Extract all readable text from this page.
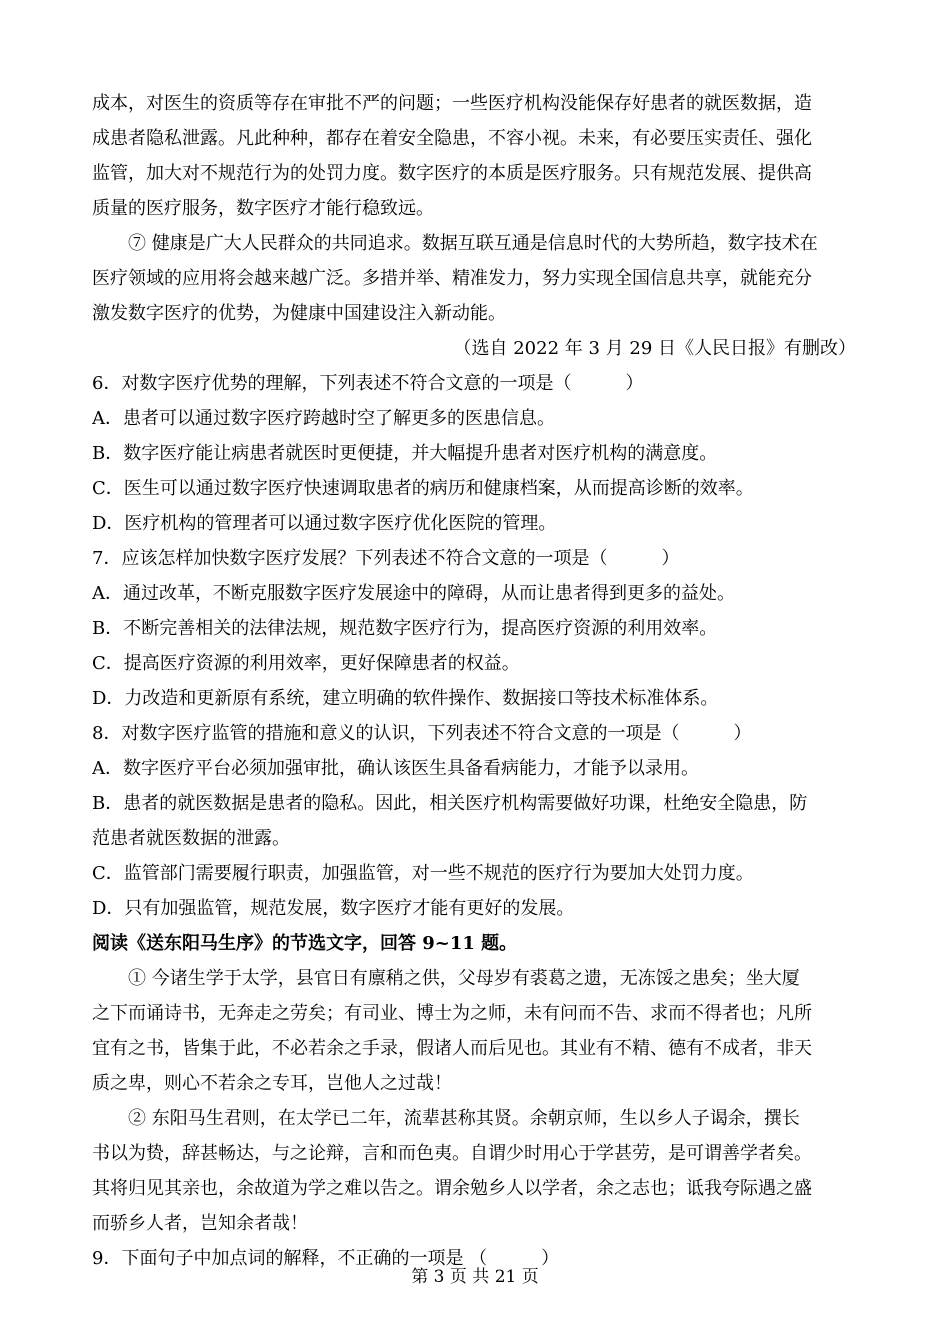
成本，对医生的资质等存在审批不严的问题；一些医疗机构没能保存好患者的就医数据，造
成患者隐私泄露。凡此种种，都存在着安全隐患，不容小视。未来，有必要压实责任、强化
监管，加大对不规范行为的处罚力度。数字医疗的本质是医疗服务。只有规范发展、提供高
质量的医疗服务，数字医疗才能行稳致远。
⑦ 健康是广大人民群众的共同追求。数据互联互通是信息时代的大势所趋，数字技术在
医疗领域的应用将会越来越广泛。多措并举、精准发力，努力实现全国信息共享，就能充分
激发数字医疗的优势，为健康中国建设注入新动能。
（选自 2022 年 3 月 29 日《人民日报》有删改）
6．对数字医疗优势的理解，下列表述不符合文意的一项是（　　　）
A．患者可以通过数字医疗跨越时空了解更多的医患信息。
B．数字医疗能让病患者就医时更便捷，并大幅提升患者对医疗机构的满意度。
C．医生可以通过数字医疗快速调取患者的病历和健康档案，从而提高诊断的效率。
D．医疗机构的管理者可以通过数字医疗优化医院的管理。
7．应该怎样加快数字医疗发展？下列表述不符合文意的一项是（　　　）
A．通过改革，不断克服数字医疗发展途中的障碍，从而让患者得到更多的益处。
B．不断完善相关的法律法规，规范数字医疗行为，提高医疗资源的利用效率。
C．提高医疗资源的利用效率，更好保障患者的权益。
D．力改造和更新原有系统，建立明确的软件操作、数据接口等技术标准体系。
8．对数字医疗监管的措施和意义的认识，下列表述不符合文意的一项是（　　　）
A．数字医疗平台必须加强审批，确认该医生具备看病能力，才能予以录用。
B．患者的就医数据是患者的隐私。因此，相关医疗机构需要做好功课，杜绝安全隐患，防
范患者就医数据的泄露。
C．监管部门需要履行职责，加强监管，对一些不规范的医疗行为要加大处罚力度。
D．只有加强监管，规范发展，数字医疗才能有更好的发展。
阅读《送东阳马生序》的节选文字，回答 9~11 题。
① 今诸生学于太学，县官日有廪稍之供，父母岁有裘葛之遗，无冻馁之患矣；坐大厦
之下而诵诗书，无奔走之劳矣；有司业、博士为之师，未有问而不告、求而不得者也；凡所
宜有之书，皆集于此，不必若余之手录，假诸人而后见也。其业有不精、德有不成者，非天
质之卑，则心不若余之专耳，岂他人之过哉！
② 东阳马生君则，在太学已二年，流辈甚称其贤。余朝京师，生以乡人子谒余，撰长
书以为贽，辞甚畅达，与之论辩，言和而色夷。自谓少时用心于学甚劳，是可谓善学者矣。
其将归见其亲也，余故道为学之难以告之。谓余勉乡人以学者，余之志也；诋我夸际遇之盛
而骄乡人者，岂知余者哉！
9．下面句子中加点词的解释，不正确的一项是 （　　　）
第 3 页 共 21 页
